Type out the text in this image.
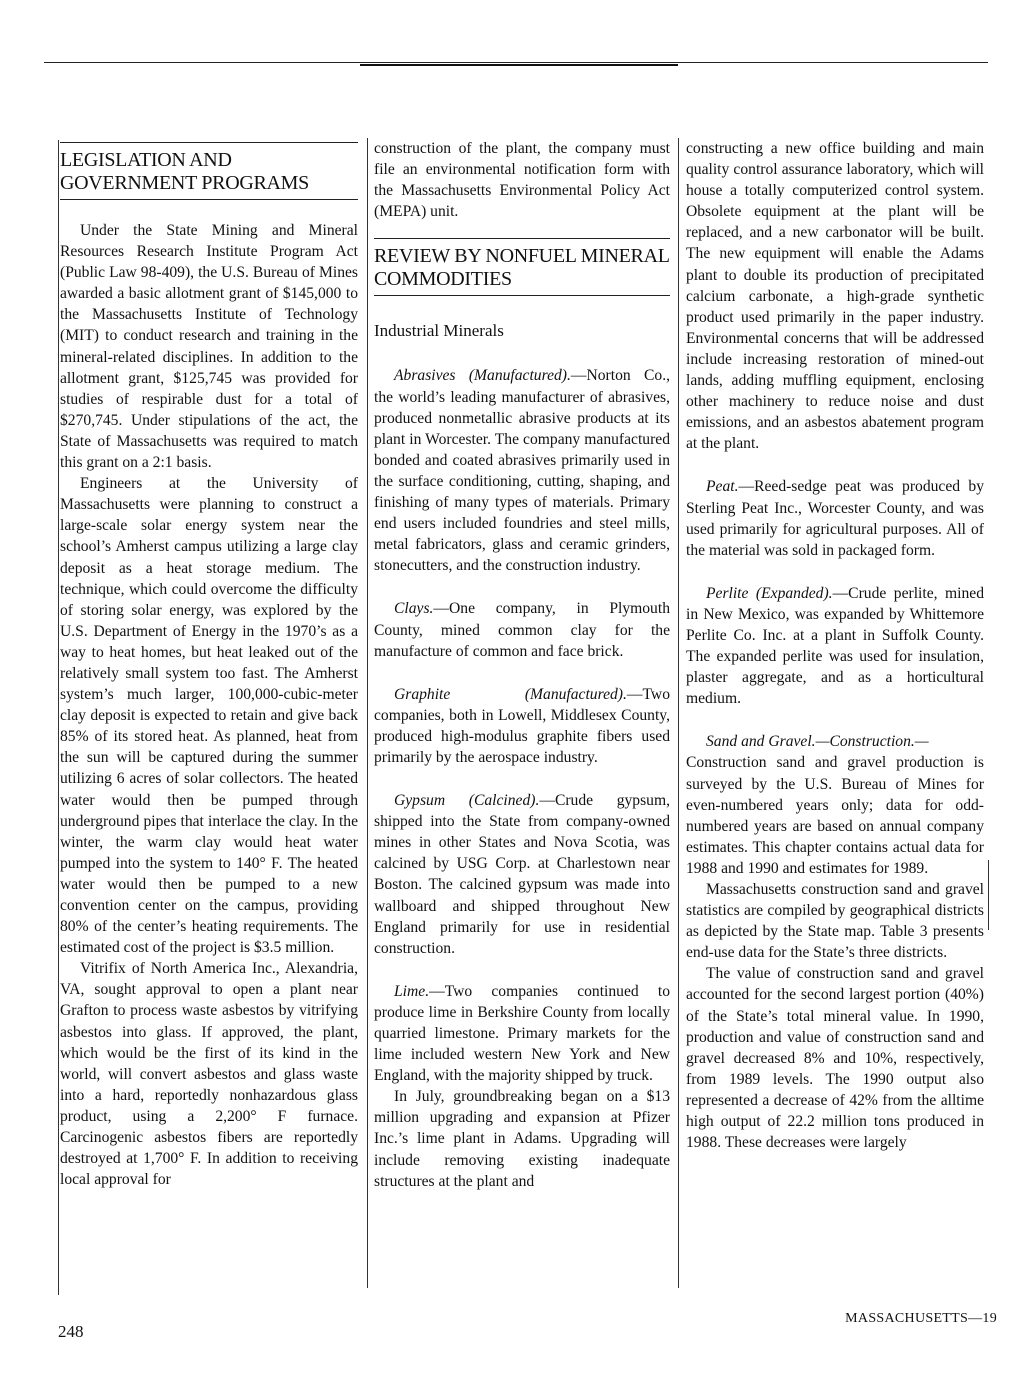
LEGISLATION AND GOVERNMENT PROGRAMS

Under the State Mining and Mineral Resources Research Institute Program Act (Public Law 98-409), the U.S. Bureau of Mines awarded a basic allotment grant of $145,000 to the Massachusetts Institute of Technology (MIT) to conduct research and training in the mineral-related disciplines. In addition to the allotment grant, $125,745 was provided for studies of respirable dust for a total of $270,745. Under stipulations of the act, the State of Massachusetts was required to match this grant on a 2:1 basis.

Engineers at the University of Massachusetts were planning to construct a large-scale solar energy system near the school’s Amherst campus utilizing a large clay deposit as a heat storage medium. The technique, which could overcome the difficulty of storing solar energy, was explored by the U.S. Department of Energy in the 1970’s as a way to heat homes, but heat leaked out of the relatively small system too fast. The Amherst system’s much larger, 100,000-cubic-meter clay deposit is expected to retain and give back 85% of its stored heat. As planned, heat from the sun will be captured during the summer utilizing 6 acres of solar collectors. The heated water would then be pumped through underground pipes that interlace the clay. In the winter, the warm clay would heat water pumped into the system to 140° F. The heated water would then be pumped to a new convention center on the campus, providing 80% of the center’s heating requirements. The estimated cost of the project is $3.5 million.

Vitrifix of North America Inc., Alexandria, VA, sought approval to open a plant near Grafton to process waste asbestos by vitrifying asbestos into glass. If approved, the plant, which would be the first of its kind in the world, will convert asbestos and glass waste into a hard, reportedly nonhazardous glass product, using a 2,200° F furnace. Carcinogenic asbestos fibers are reportedly destroyed at 1,700° F. In addition to receiving local approval for

construction of the plant, the company must file an environmental notification form with the Massachusetts Environmental Policy Act (MEPA) unit.

REVIEW BY NONFUEL MINERAL COMMODITIES
Industrial Minerals

Abrasives (Manufactured).—Norton Co., the world’s leading manufacturer of abrasives, produced nonmetallic abrasive products at its plant in Worcester. The company manufactured bonded and coated abrasives primarily used in the surface conditioning, cutting, shaping, and finishing of many types of materials. Primary end users included foundries and steel mills, metal fabricators, glass and ceramic grinders, stonecutters, and the construction industry.

Clays.—One company, in Plymouth County, mined common clay for the manufacture of common and face brick.

Graphite (Manufactured).—Two companies, both in Lowell, Middlesex County, produced high-modulus graphite fibers used primarily by the aerospace industry.

Gypsum (Calcined).—Crude gypsum, shipped into the State from company-owned mines in other States and Nova Scotia, was calcined by USG Corp. at Charlestown near Boston. The calcined gypsum was made into wallboard and shipped throughout New England primarily for use in residential construction.

Lime.—Two companies continued to produce lime in Berkshire County from locally quarried limestone. Primary markets for the lime included western New York and New England, with the majority shipped by truck.

In July, groundbreaking began on a $13 million upgrading and expansion at Pfizer Inc.’s lime plant in Adams. Upgrading will include removing existing inadequate structures at the plant and

constructing a new office building and main quality control assurance laboratory, which will house a totally computerized control system. Obsolete equipment at the plant will be replaced, and a new carbonator will be built. The new equipment will enable the Adams plant to double its production of precipitated calcium carbonate, a high-grade synthetic product used primarily in the paper industry. Environmental concerns that will be addressed include increasing restoration of mined-out lands, adding muffling equipment, enclosing other machinery to reduce noise and dust emissions, and an asbestos abatement program at the plant.

Peat.—Reed-sedge peat was produced by Sterling Peat Inc., Worcester County, and was used primarily for agricultural purposes. All of the material was sold in packaged form.

Perlite (Expanded).—Crude perlite, mined in New Mexico, was expanded by Whittemore Perlite Co. Inc. at a plant in Suffolk County. The expanded perlite was used for insulation, plaster aggregate, and as a horticultural medium.

Sand and Gravel.—Construction.—

Construction sand and gravel production is surveyed by the U.S. Bureau of Mines for even-numbered years only; data for odd-numbered years are based on annual company estimates. This chapter contains actual data for 1988 and 1990 and estimates for 1989.

Massachusetts construction sand and gravel statistics are compiled by geographical districts as depicted by the State map. Table 3 presents end-use data for the State’s three districts.

The value of construction sand and gravel accounted for the second largest portion (40%) of the State’s total mineral value. In 1990, production and value of construction sand and gravel decreased 8% and 10%, respectively, from 1989 levels. The 1990 output also represented a decrease of 42% from the alltime high output of 22.2 million tons produced in 1988. These decreases were largely

248
MASSACHUSETTS—19
